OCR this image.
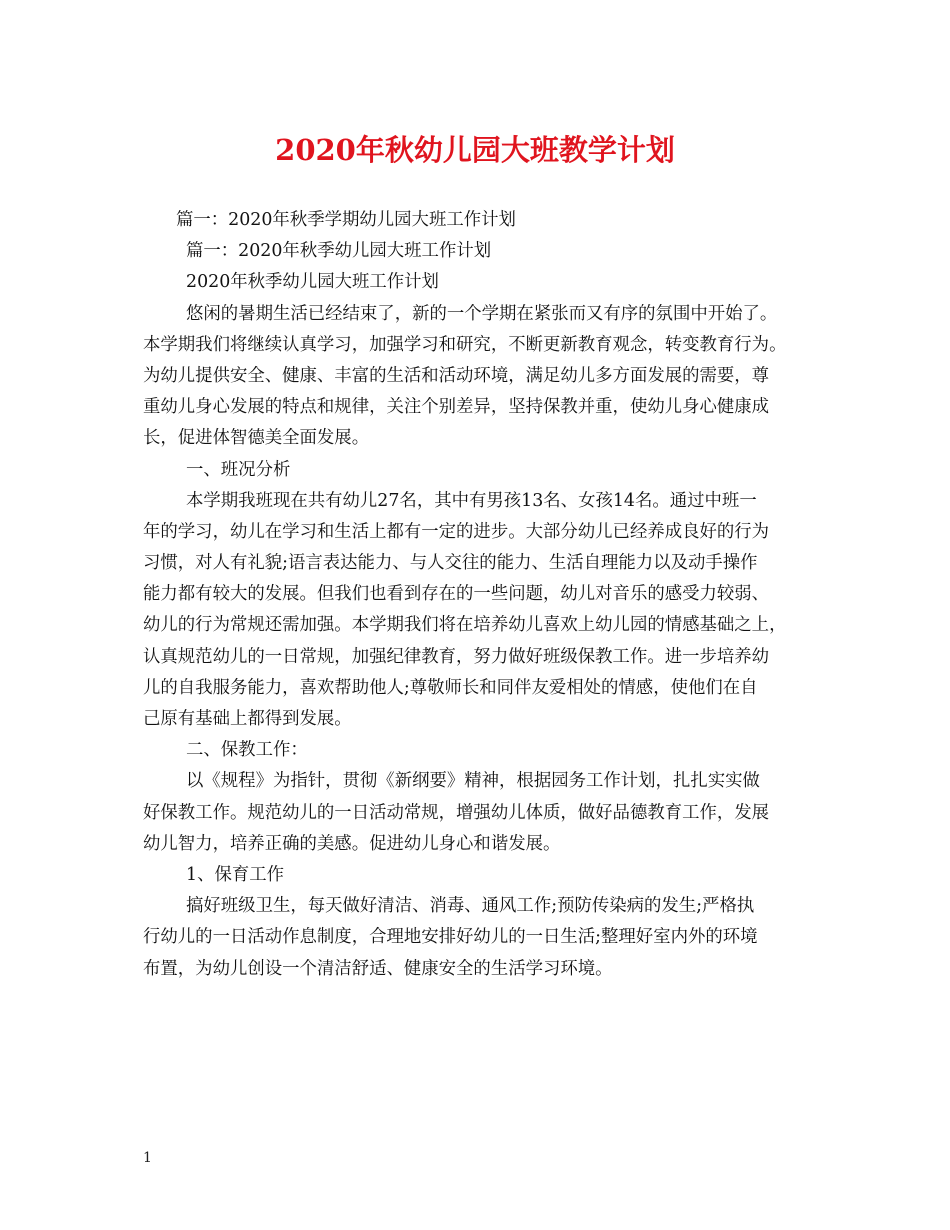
2020年秋幼儿园大班教学计划
篇一：2020年秋季学期幼儿园大班工作计划
篇一：2020年秋季幼儿园大班工作计划
2020年秋季幼儿园大班工作计划
悠闲的暑期生活已经结束了，新的一个学期在紧张而又有序的氛围中开始了。
本学期我们将继续认真学习，加强学习和研究，不断更新教育观念，转变教育行为。
为幼儿提供安全、健康、丰富的生活和活动环境，满足幼儿多方面发展的需要，尊
重幼儿身心发展的特点和规律，关注个别差异，坚持保教并重，使幼儿身心健康成
长，促进体智德美全面发展。
一、班况分析
本学期我班现在共有幼儿27名，其中有男孩13名、女孩14名。通过中班一
年的学习，幼儿在学习和生活上都有一定的进步。大部分幼儿已经养成良好的行为
习惯，对人有礼貌;语言表达能力、与人交往的能力、生活自理能力以及动手操作
能力都有较大的发展。但我们也看到存在的一些问题，幼儿对音乐的感受力较弱、
幼儿的行为常规还需加强。本学期我们将在培养幼儿喜欢上幼儿园的情感基础之上，
认真规范幼儿的一日常规，加强纪律教育，努力做好班级保教工作。进一步培养幼
儿的自我服务能力，喜欢帮助他人;尊敬师长和同伴友爱相处的情感，使他们在自
己原有基础上都得到发展。
二、保教工作：
以《规程》为指针，贯彻《新纲要》精神，根据园务工作计划，扎扎实实做
好保教工作。规范幼儿的一日活动常规，增强幼儿体质，做好品德教育工作，发展
幼儿智力，培养正确的美感。促进幼儿身心和谐发展。
1、保育工作
搞好班级卫生，每天做好清洁、消毒、通风工作;预防传染病的发生;严格执
行幼儿的一日活动作息制度，合理地安排好幼儿的一日生活;整理好室内外的环境
布置，为幼儿创设一个清洁舒适、健康安全的生活学习环境。
1
